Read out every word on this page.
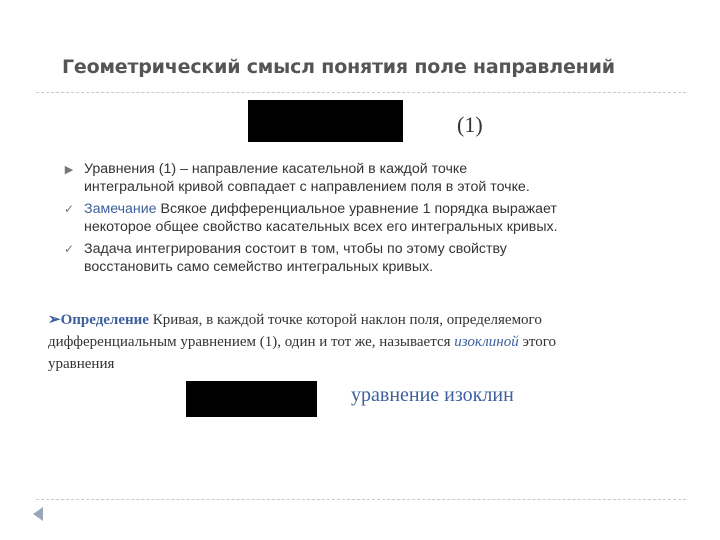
Геометрический смысл понятия поле направлений
(1)
▶ Уравнения (1) – направление касательной в каждой точке
интегральной кривой совпадает с направлением поля в этой точке.
✓ Замечание Всякое дифференциальное уравнение 1 порядка выражает
некоторое общее свойство касательных всех его интегральных кривых.
✓ Задача интегрирования состоит в том, чтобы по этому свойству
восстановить само семейство интегральных кривых.
➢Определение Кривая, в каждой точке которой наклон поля, определяемого
дифференциальным уравнением (1), один и тот же, называется изоклиной этого
уравнения
уравнение изоклин
